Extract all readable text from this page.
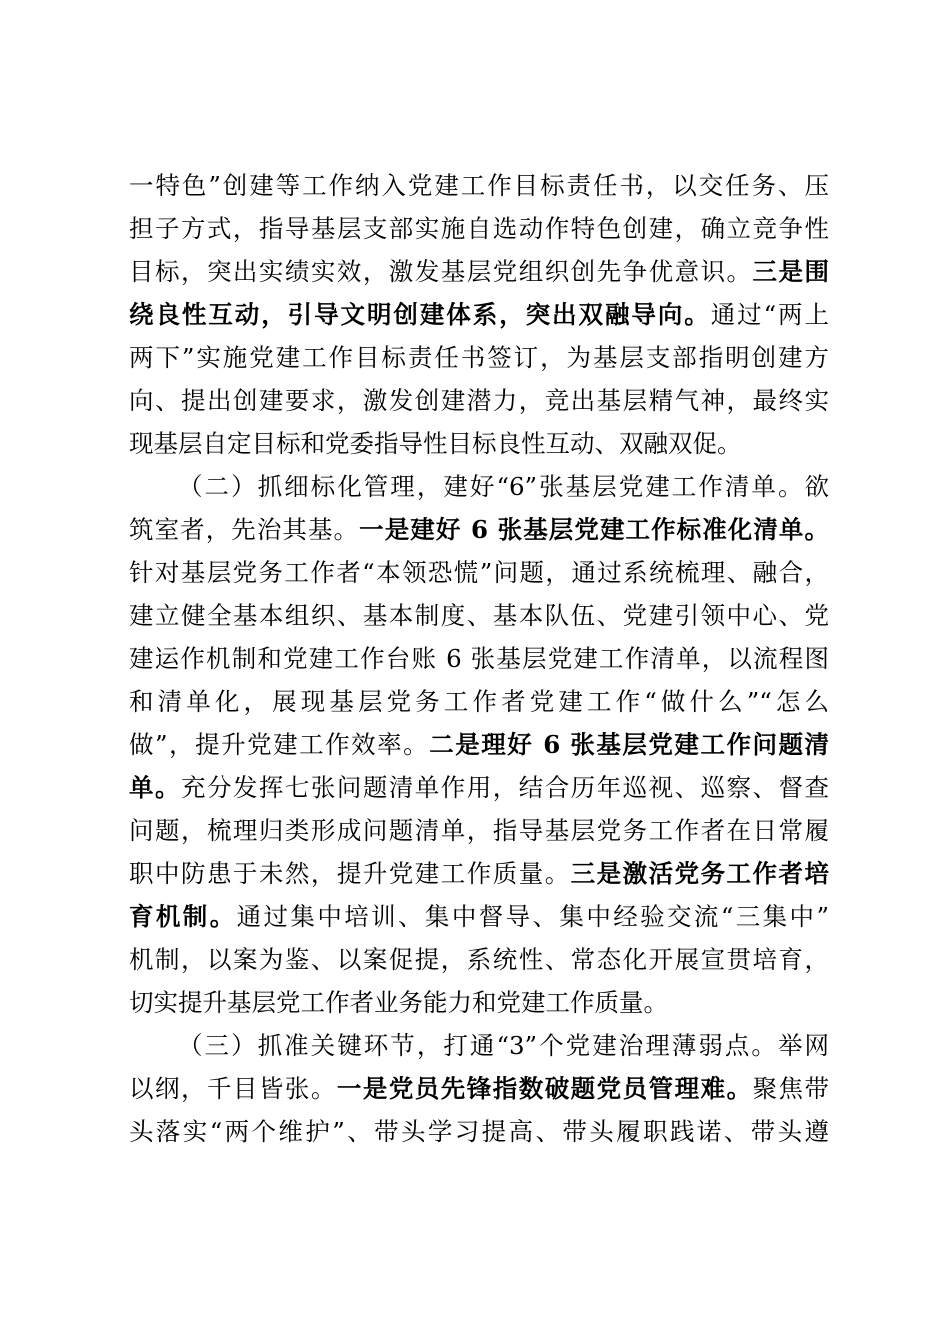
一特色”创建等工作纳入党建工作目标责任书，以交任务、压
担子方式，指导基层支部实施自选动作特色创建，确立竞争性
目标，突出实绩实效，激发基层党组织创先争优意识。三是围
绕良性互动，引导文明创建体系，突出双融导向。通过“两上
两下”实施党建工作目标责任书签订，为基层支部指明创建方
向、提出创建要求，激发创建潜力，竞出基层精气神，最终实
现基层自定目标和党委指导性目标良性互动、双融双促。
（二）抓细标化管理，建好“6”张基层党建工作清单。欲
筑室者，先治其基。一是建好 6 张基层党建工作标准化清单。
针对基层党务工作者“本领恐慌”问题，通过系统梳理、融合，
建立健全基本组织、基本制度、基本队伍、党建引领中心、党
建运作机制和党建工作台账 6 张基层党建工作清单，以流程图
和清单化，展现基层党务工作者党建工作“做什么”“怎么
做”，提升党建工作效率。二是理好 6 张基层党建工作问题清
单。充分发挥七张问题清单作用，结合历年巡视、巡察、督查
问题，梳理归类形成问题清单，指导基层党务工作者在日常履
职中防患于未然，提升党建工作质量。三是激活党务工作者培
育机制。通过集中培训、集中督导、集中经验交流“三集中”
机制，以案为鉴、以案促提，系统性、常态化开展宣贯培育，
切实提升基层党工作者业务能力和党建工作质量。
（三）抓准关键环节，打通“3”个党建治理薄弱点。举网
以纲，千目皆张。一是党员先锋指数破题党员管理难。聚焦带
头落实“两个维护”、带头学习提高、带头履职践诺、带头遵
